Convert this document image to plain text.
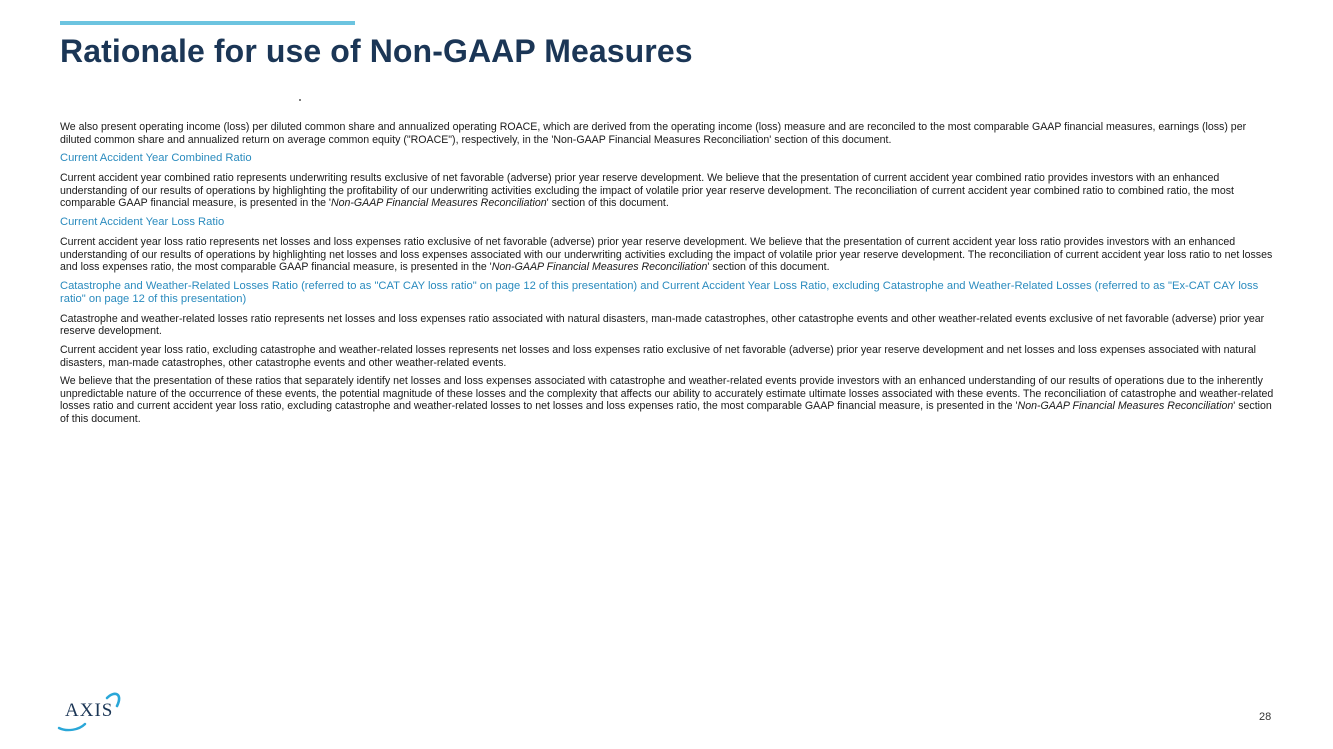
Rationale for use of Non-GAAP Measures

We also present operating income (loss) per diluted common share and annualized operating ROACE, which are derived from the operating income (loss) measure and are reconciled to the most comparable GAAP financial measures, earnings (loss) per diluted common share and annualized return on average common equity ("ROACE"), respectively, in the 'Non-GAAP Financial Measures Reconciliation' section of this document.

Current Accident Year Combined Ratio

Current accident year combined ratio represents underwriting results exclusive of net favorable (adverse) prior year reserve development. We believe that the presentation of current accident year combined ratio provides investors with an enhanced understanding of our results of operations by highlighting the profitability of our underwriting activities excluding the impact of volatile prior year reserve development. The reconciliation of current accident year combined ratio to combined ratio, the most comparable GAAP financial measure, is presented in the 'Non-GAAP Financial Measures Reconciliation' section of this document.

Current Accident Year Loss Ratio

Current accident year loss ratio represents net losses and loss expenses ratio exclusive of net favorable (adverse) prior year reserve development. We believe that the presentation of current accident year loss ratio provides investors with an enhanced understanding of our results of operations by highlighting net losses and loss expenses associated with our underwriting activities excluding the impact of volatile prior year reserve development. The reconciliation of current accident year loss ratio to net losses and loss expenses ratio, the most comparable GAAP financial measure, is presented in the 'Non-GAAP Financial Measures Reconciliation' section of this document.

Catastrophe and Weather-Related Losses Ratio (referred to as "CAT CAY loss ratio" on page 12 of this presentation) and Current Accident Year Loss Ratio, excluding Catastrophe and Weather-Related Losses (referred to as "Ex-CAT CAY loss ratio" on page 12 of this presentation)

Catastrophe and weather-related losses ratio represents net losses and loss expenses ratio associated with natural disasters, man-made catastrophes, other catastrophe events and other weather-related events exclusive of net favorable (adverse) prior year reserve development.

Current accident year loss ratio, excluding catastrophe and weather-related losses represents net losses and loss expenses ratio exclusive of net favorable (adverse) prior year reserve development and net losses and loss expenses associated with natural disasters, man-made catastrophes, other catastrophe events and other weather-related events.

We believe that the presentation of these ratios that separately identify net losses and loss expenses associated with catastrophe and weather-related events provide investors with an enhanced understanding of our results of operations due to the inherently unpredictable nature of the occurrence of these events, the potential magnitude of these losses and the complexity that affects our ability to accurately estimate ultimate losses associated with these events. The reconciliation of catastrophe and weather-related losses ratio and current accident year loss ratio, excluding catastrophe and weather-related losses to net losses and loss expenses ratio, the most comparable GAAP financial measure, is presented in the 'Non-GAAP Financial Measures Reconciliation' section of this document.

AXIS	28
